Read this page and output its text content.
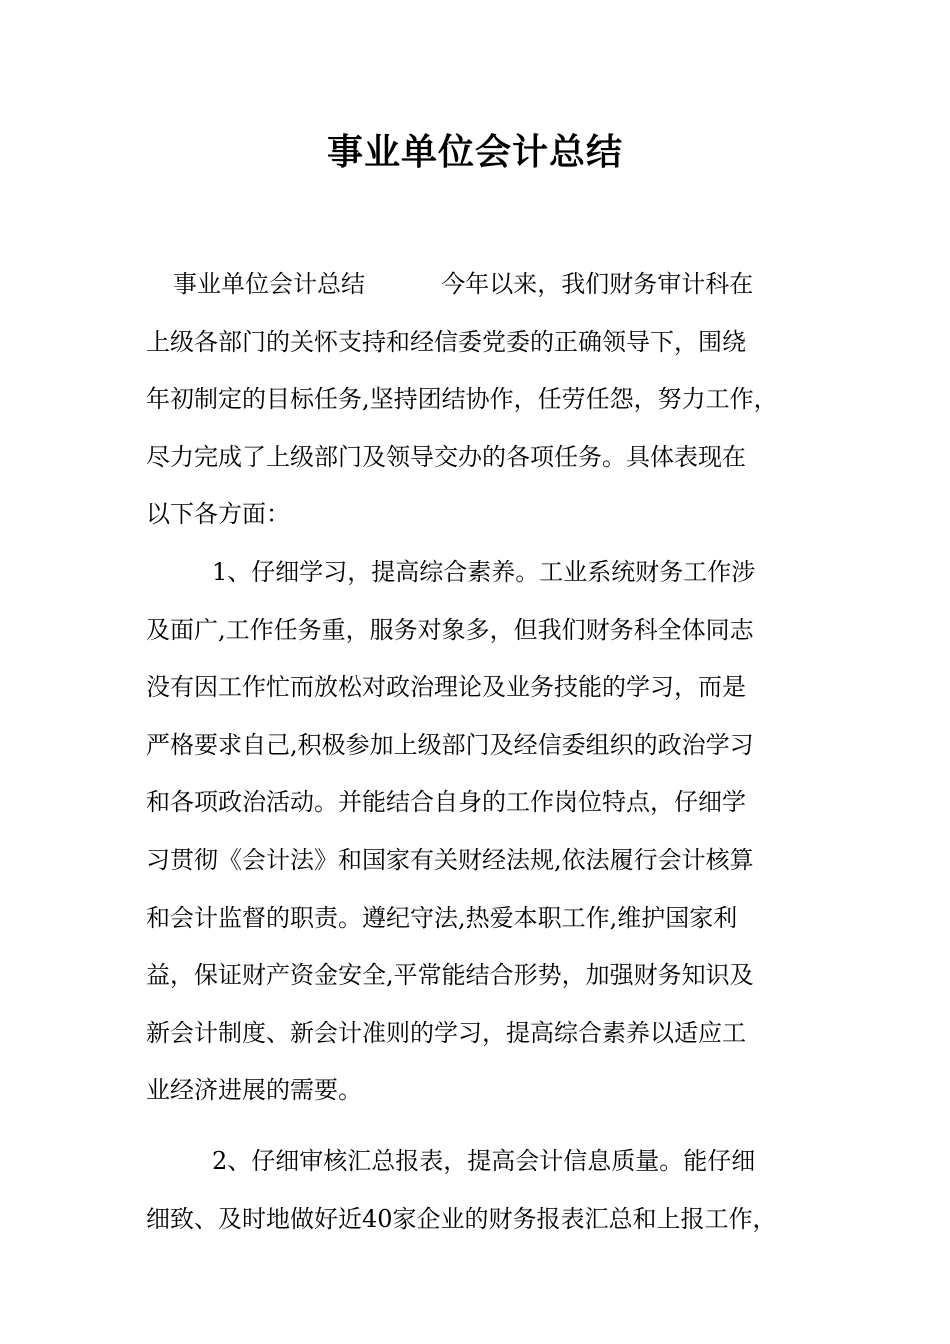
事业单位会计总结
事业单位会计总结          今年以来，我们财务审计科在
上级各部门的关怀支持和经信委党委的正确领导下，围绕
年初制定的目标任务,坚持团结协作，任劳任怨，努力工作，
尽力完成了上级部门及领导交办的各项任务。具体表现在
以下各方面：
1、仔细学习，提高综合素养。工业系统财务工作涉
及面广,工作任务重，服务对象多，但我们财务科全体同志
没有因工作忙而放松对政治理论及业务技能的学习，而是
严格要求自己,积极参加上级部门及经信委组织的政治学习
和各项政治活动。并能结合自身的工作岗位特点，仔细学
习贯彻《会计法》和国家有关财经法规,依法履行会计核算
和会计监督的职责。遵纪守法,热爱本职工作,维护国家利
益，保证财产资金安全,平常能结合形势，加强财务知识及
新会计制度、新会计准则的学习，提高综合素养以适应工
业经济进展的需要。
2、仔细审核汇总报表，提高会计信息质量。能仔细
细致、及时地做好近40家企业的财务报表汇总和上报工作，
